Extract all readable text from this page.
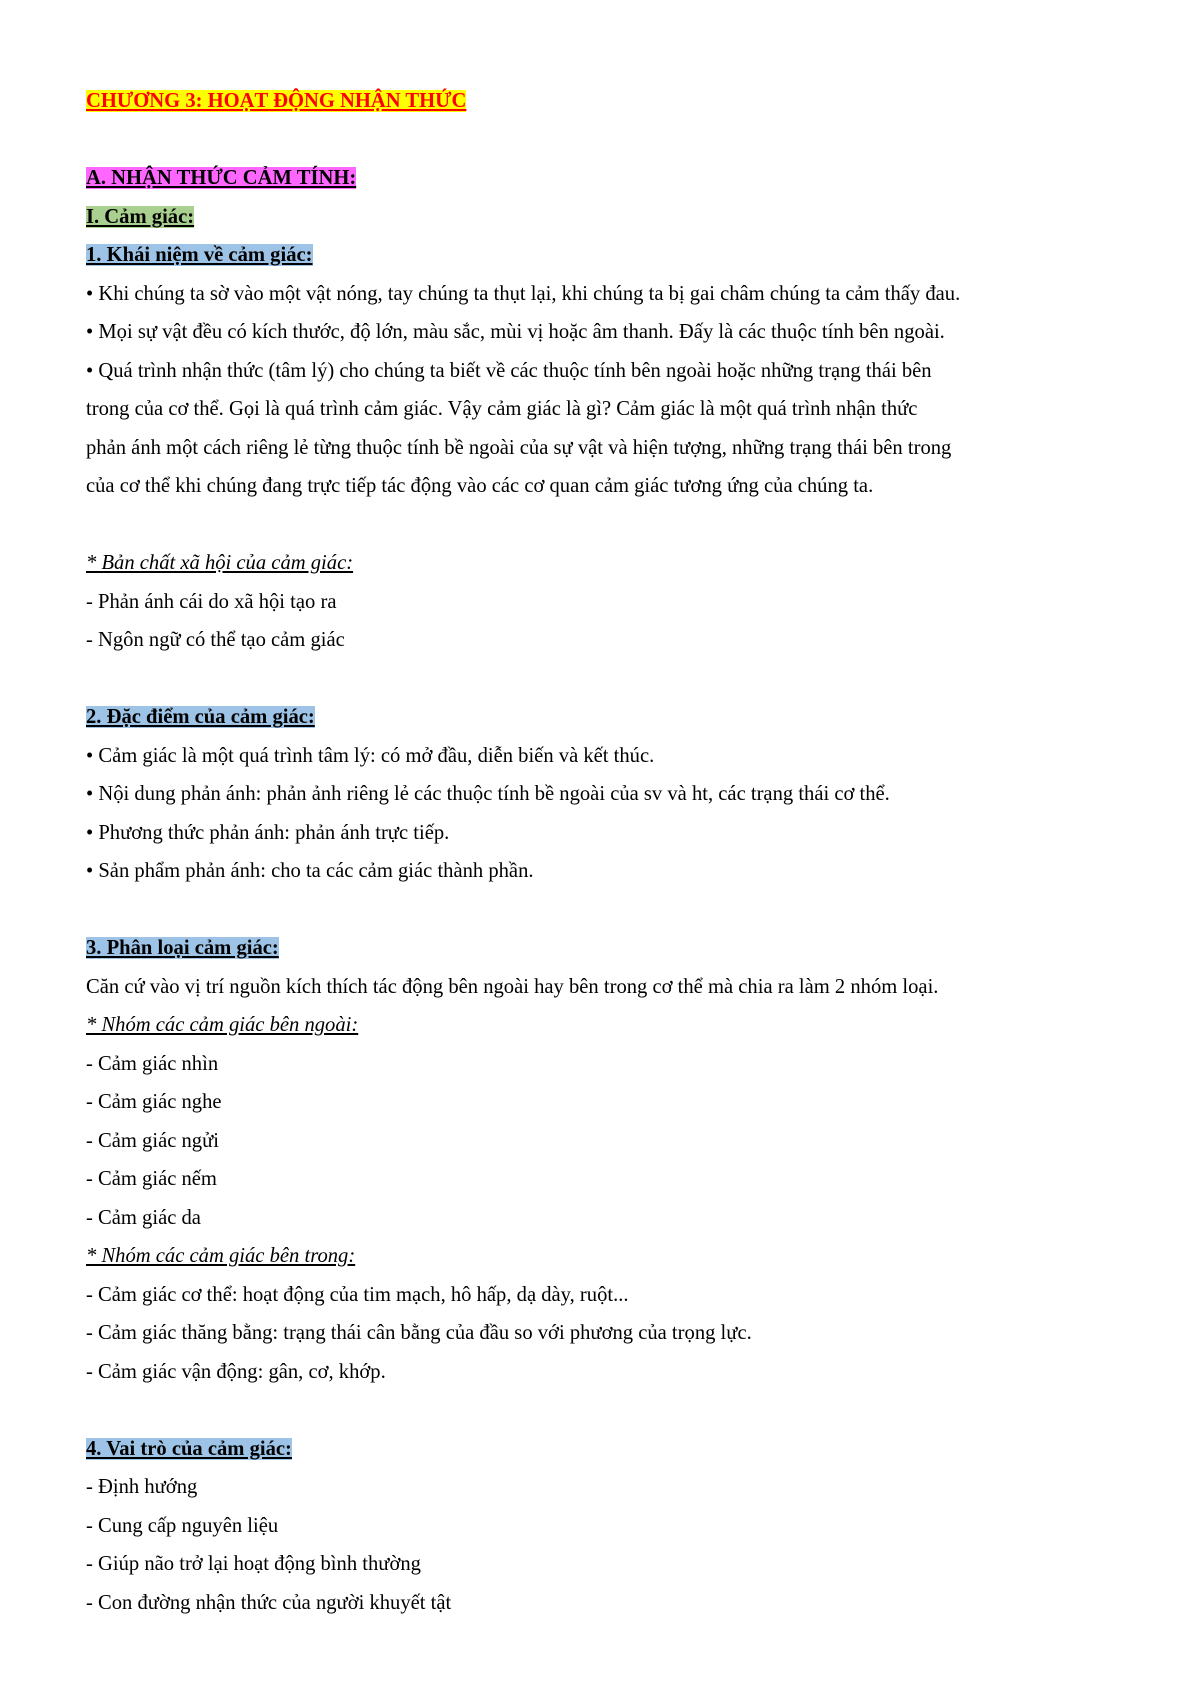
CHƯƠNG 3: HOẠT ĐỘNG NHẬN THỨC

A. NHẬN THỨC CẢM TÍNH:

I. Cảm giác:

1. Khái niệm về cảm giác:

• Khi chúng ta sờ vào một vật nóng, tay chúng ta thụt lại, khi chúng ta bị gai châm chúng ta cảm thấy đau.

• Mọi sự vật đều có kích thước, độ lớn, màu sắc, mùi vị hoặc âm thanh. Đấy là các thuộc tính bên ngoài.

• Quá trình nhận thức (tâm lý) cho chúng ta biết về các thuộc tính bên ngoài hoặc những trạng thái bên

trong của cơ thể. Gọi là quá trình cảm giác. Vậy cảm giác là gì? Cảm giác là một quá trình nhận thức

phản ánh một cách riêng lẻ từng thuộc tính bề ngoài của sự vật và hiện tượng, những trạng thái bên trong

của cơ thể khi chúng đang trực tiếp tác động vào các cơ quan cảm giác tương ứng của chúng ta.

* Bản chất xã hội của cảm giác:

- Phản ánh cái do xã hội tạo ra

- Ngôn ngữ có thể tạo cảm giác

2. Đặc điểm của cảm giác:

• Cảm giác là một quá trình tâm lý: có mở đầu, diễn biến và kết thúc.

• Nội dung phản ánh: phản ảnh riêng lẻ các thuộc tính bề ngoài của sv và ht, các trạng thái cơ thể.

• Phương thức phản ánh: phản ánh trực tiếp.

• Sản phẩm phản ánh: cho ta các cảm giác thành phần.

3. Phân loại cảm giác:

Căn cứ vào vị trí nguồn kích thích tác động bên ngoài hay bên trong cơ thể mà chia ra làm 2 nhóm loại.

* Nhóm các cảm giác bên ngoài:

- Cảm giác nhìn

- Cảm giác nghe

- Cảm giác ngửi

- Cảm giác nếm

- Cảm giác da

* Nhóm các cảm giác bên trong:

- Cảm giác cơ thể: hoạt động của tim mạch, hô hấp, dạ dày, ruột...

- Cảm giác thăng bằng: trạng thái cân bằng của đầu so với phương của trọng lực.

- Cảm giác vận động: gân, cơ, khớp.

4. Vai trò của cảm giác:

- Định hướng

- Cung cấp nguyên liệu

- Giúp não trở lại hoạt động bình thường

- Con đường nhận thức của người khuyết tật
